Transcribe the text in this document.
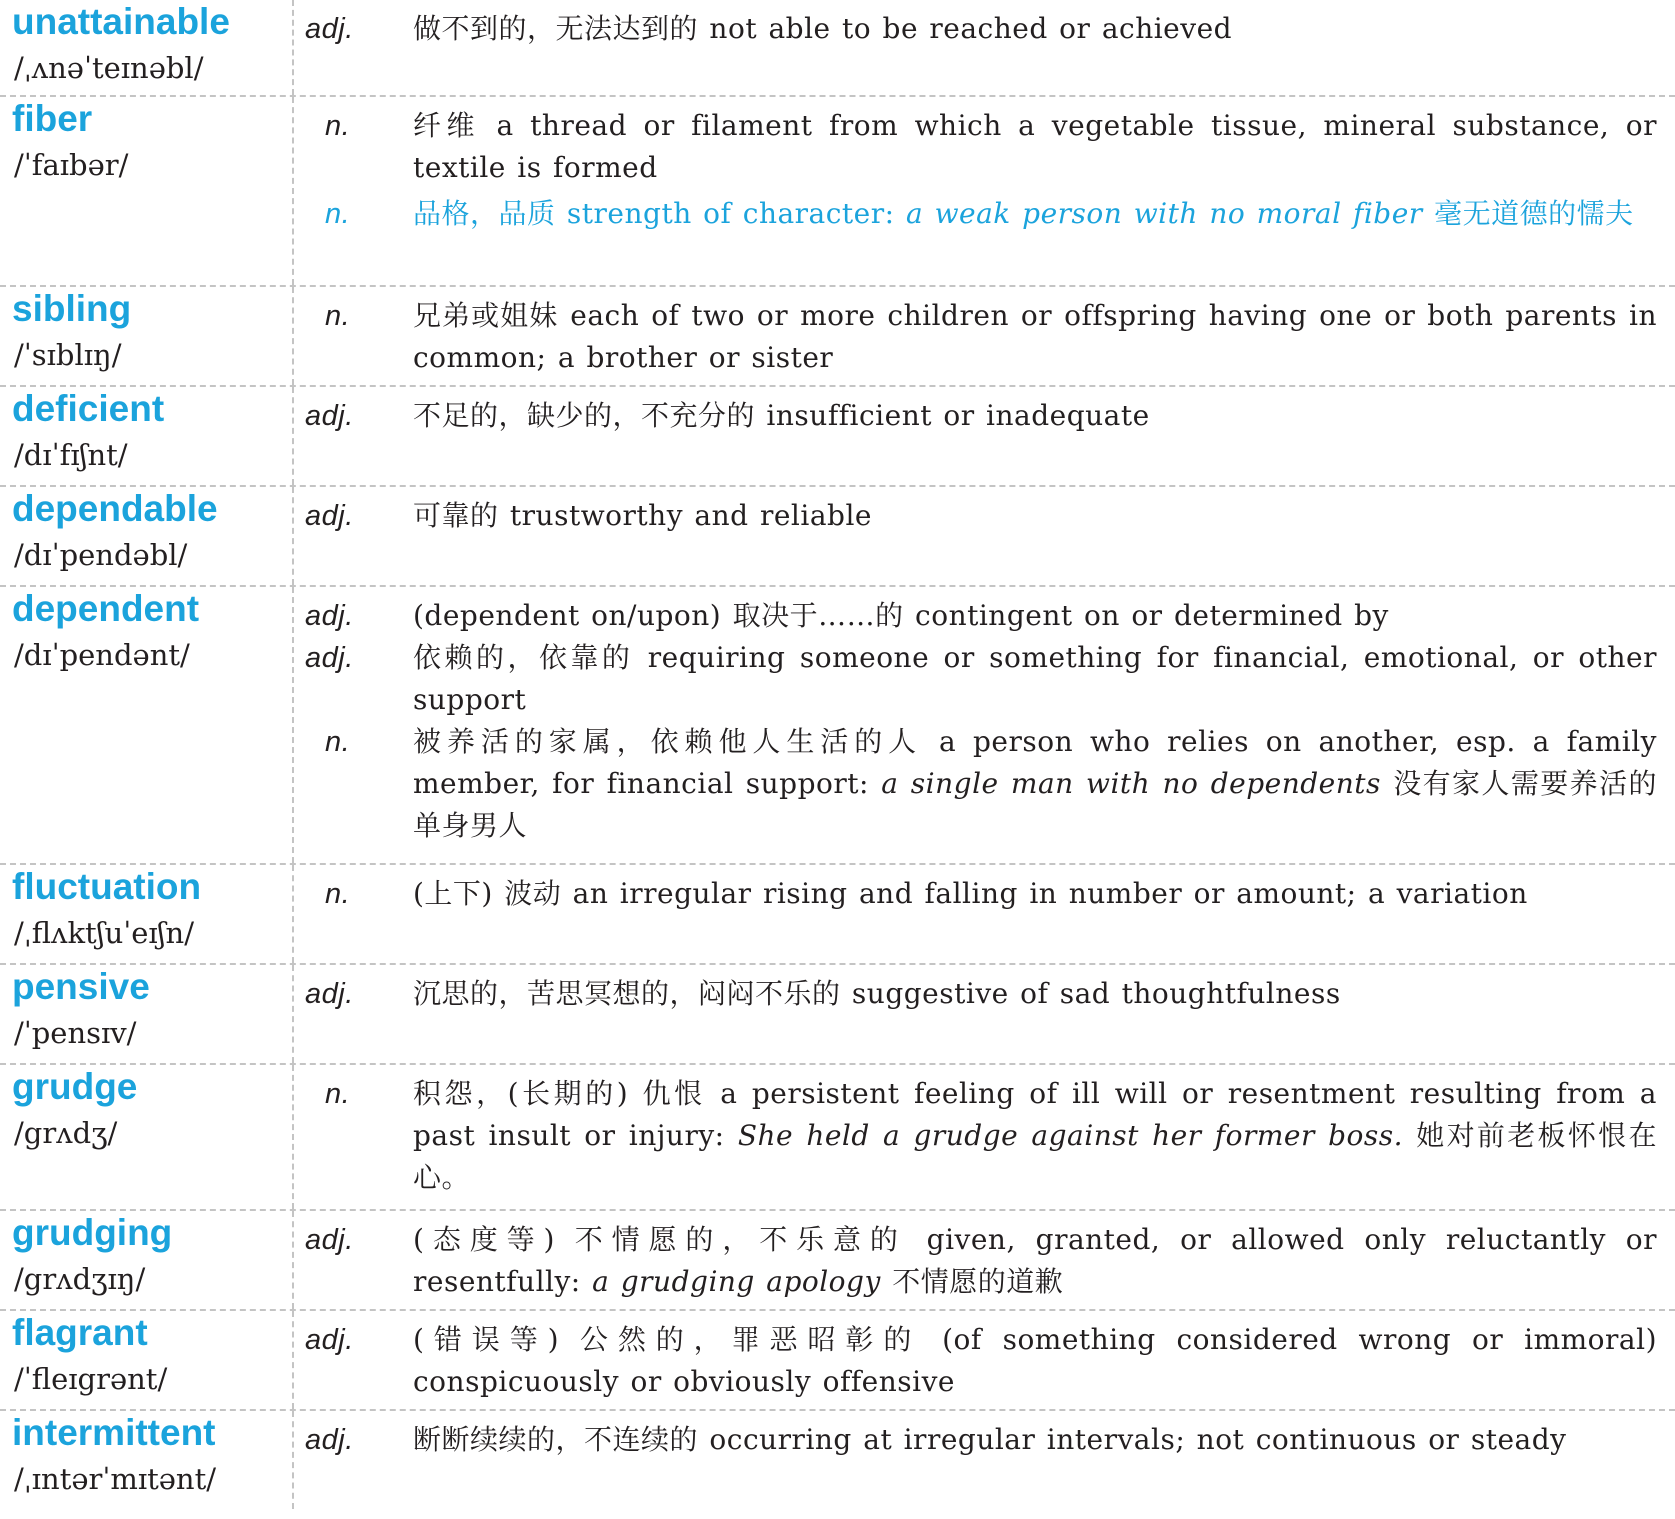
unattainable
/ˌʌnəˈteɪnəbl/
adj.	做不到的，无法达到的 not able to be reached or achieved
fiber
/ˈfaɪbər/
n.	纤维 a thread or filament from which a vegetable tissue, mineral substance, or textile is formed
n.	品格，品质 strength of character: a weak person with no moral fiber 毫无道德的懦夫
sibling
/ˈsɪblɪŋ/
n.	兄弟或姐妹 each of two or more children or offspring having one or both parents in common; a brother or sister
deficient
/dɪˈfɪʃnt/
adj.	不足的，缺少的，不充分的 insufficient or inadequate
dependable
/dɪˈpendəbl/
adj.	可靠的 trustworthy and reliable
dependent
/dɪˈpendənt/
adj.	(dependent on/upon) 取决于……的 contingent on or determined by
adj.	依赖的，依靠的 requiring someone or something for financial, emotional, or other support
n.	被养活的家属，依赖他人生活的人 a person who relies on another, esp. a family member, for financial support: a single man with no dependents 没有家人需要养活的单身男人
fluctuation
/ˌflʌktʃuˈeɪʃn/
n.	(上下) 波动 an irregular rising and falling in number or amount; a variation
pensive
/ˈpensɪv/
adj.	沉思的，苦思冥想的，闷闷不乐的 suggestive of sad thoughtfulness
grudge
/grʌdʒ/
n.	积怨，(长期的) 仇恨 a persistent feeling of ill will or resentment resulting from a past insult or injury: She held a grudge against her former boss. 她对前老板怀恨在心。
grudging
/grʌdʒɪŋ/
adj.	(态度等) 不情愿的，不乐意的 given, granted, or allowed only reluctantly or resentfully: a grudging apology 不情愿的道歉
flagrant
/ˈfleɪgrənt/
adj.	(错误等) 公然的，罪恶昭彰的 (of something considered wrong or immoral) conspicuously or obviously offensive
intermittent
/ˌɪntərˈmɪtənt/
adj.	断断续续的，不连续的 occurring at irregular intervals; not continuous or steady
